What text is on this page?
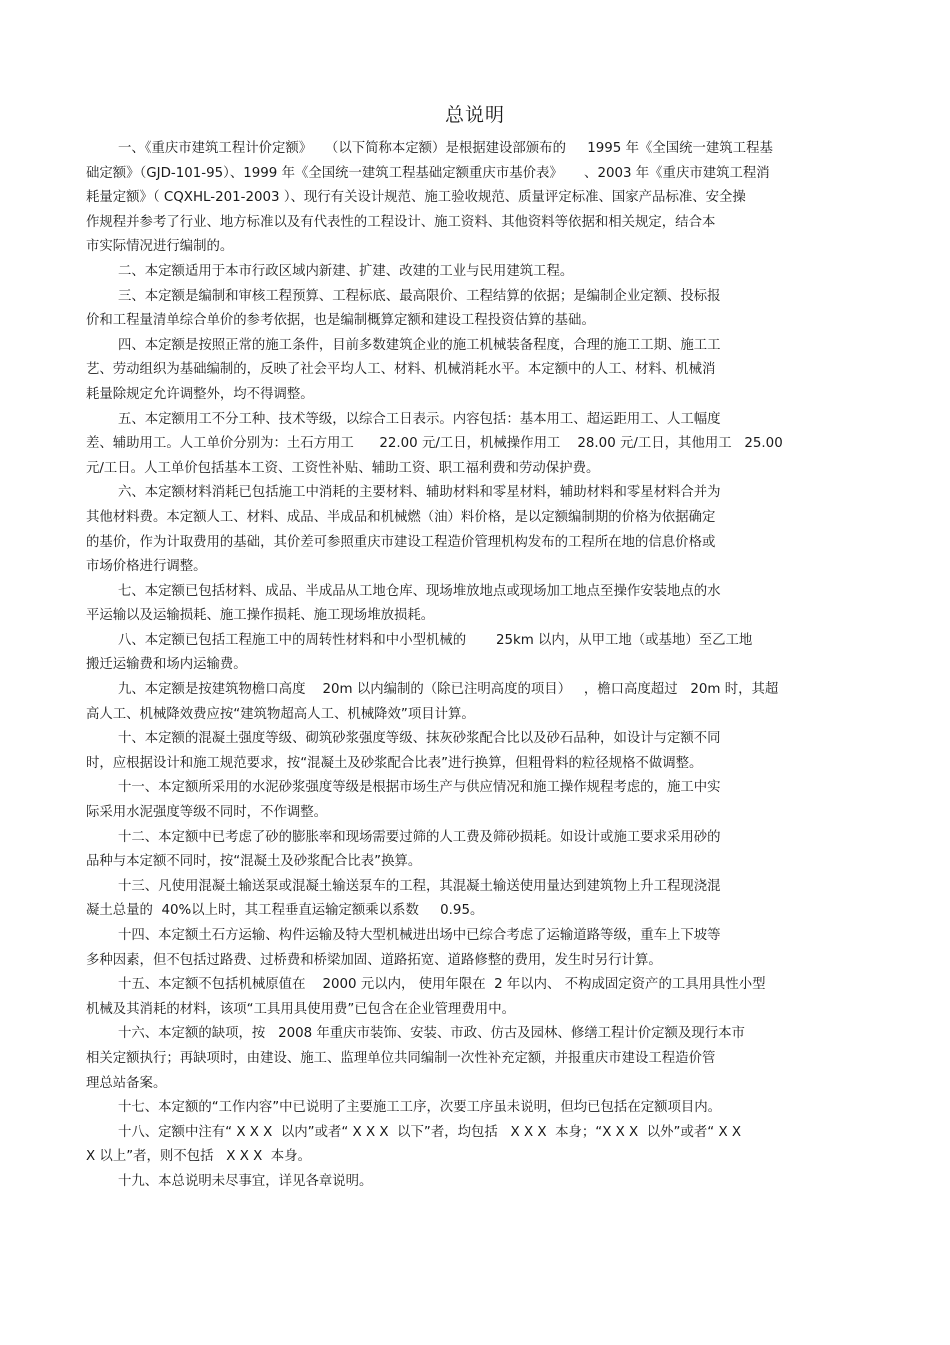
总说明
一、《重庆市建筑工程计价定额》   （以下简称本定额）是根据建设部颁布的     1995 年《全国统一建筑工程基
础定额》（GJD-101-95）、1999 年《全国统一建筑工程基础定额重庆市基价表》     、2003 年《重庆市建筑工程消
耗量定额》（ CQXHL-201-2003 ）、现行有关设计规范、施工验收规范、质量评定标准、国家产品标准、安全操
作规程并参考了行业、地方标准以及有代表性的工程设计、施工资料、其他资料等依据和相关规定，结合本
市实际情况进行编制的。
二、本定额适用于本市行政区域内新建、扩建、改建的工业与民用建筑工程。
三、本定额是编制和审核工程预算、工程标底、最高限价、工程结算的依据；是编制企业定额、投标报
价和工程量清单综合单价的参考依据，也是编制概算定额和建设工程投资估算的基础。
四、本定额是按照正常的施工条件，目前多数建筑企业的施工机械装备程度，合理的施工工期、施工工
艺、劳动组织为基础编制的，反映了社会平均人工、材料、机械消耗水平。本定额中的人工、材料、机械消
耗量除规定允许调整外，均不得调整。
五、本定额用工不分工种、技术等级，以综合工日表示。内容包括：基本用工、超运距用工、人工幅度
差、辅助用工。人工单价分别为：土石方用工      22.00 元/工日，机械操作用工    28.00 元/工日，其他用工   25.00
元/工日。人工单价包括基本工资、工资性补贴、辅助工资、职工福利费和劳动保护费。
六、本定额材料消耗已包括施工中消耗的主要材料、辅助材料和零星材料，辅助材料和零星材料合并为
其他材料费。本定额人工、材料、成品、半成品和机械燃（油）料价格，是以定额编制期的价格为依据确定
的基价，作为计取费用的基础，其价差可参照重庆市建设工程造价管理机构发布的工程所在地的信息价格或
市场价格进行调整。
七、本定额已包括材料、成品、半成品从工地仓库、现场堆放地点或现场加工地点至操作安装地点的水
平运输以及运输损耗、施工操作损耗、施工现场堆放损耗。
八、本定额已包括工程施工中的周转性材料和中小型机械的       25km 以内，从甲工地（或基地）至乙工地
搬迁运输费和场内运输费。
九、本定额是按建筑物檐口高度    20m 以内编制的（除已注明高度的项目）   ，檐口高度超过   20m 时，其超
高人工、机械降效费应按“建筑物超高人工、机械降效”项目计算。
十、本定额的混凝土强度等级、砌筑砂浆强度等级、抹灰砂浆配合比以及砂石品种，如设计与定额不同
时，应根据设计和施工规范要求，按“混凝土及砂浆配合比表”进行换算，但粗骨料的粒径规格不做调整。
十一、本定额所采用的水泥砂浆强度等级是根据市场生产与供应情况和施工操作规程考虑的，施工中实
际采用水泥强度等级不同时，不作调整。
十二、本定额中已考虑了砂的膨胀率和现场需要过筛的人工费及筛砂损耗。如设计或施工要求采用砂的
品种与本定额不同时，按“混凝土及砂浆配合比表”换算。
十三、凡使用混凝土输送泵或混凝土输送泵车的工程，其混凝土输送使用量达到建筑物上升工程现浇混
凝土总量的  40%以上时，其工程垂直运输定额乘以系数     0.95。
十四、本定额土石方运输、构件运输及特大型机械进出场中已综合考虑了运输道路等级，重车上下坡等
多种因素，但不包括过路费、过桥费和桥梁加固、道路拓宽、道路修整的费用，发生时另行计算。
十五、本定额不包括机械原值在    2000 元以内， 使用年限在  2 年以内、 不构成固定资产的工具用具性小型
机械及其消耗的材料，该项“工具用具使用费”已包含在企业管理费用中。
十六、本定额的缺项，按   2008 年重庆市装饰、安装、市政、仿古及园林、修缮工程计价定额及现行本市
相关定额执行；再缺项时，由建设、施工、监理单位共同编制一次性补充定额，并报重庆市建设工程造价管
理总站备案。
十七、本定额的“工作内容”中已说明了主要施工工序，次要工序虽未说明，但均已包括在定额项目内。
十八、定额中注有“ X X X  以内”或者“ X X X  以下”者，均包括   X X X  本身；“X X X  以外”或者“ X X
X 以上”者，则不包括   X X X  本身。
十九、本总说明未尽事宜，详见各章说明。
